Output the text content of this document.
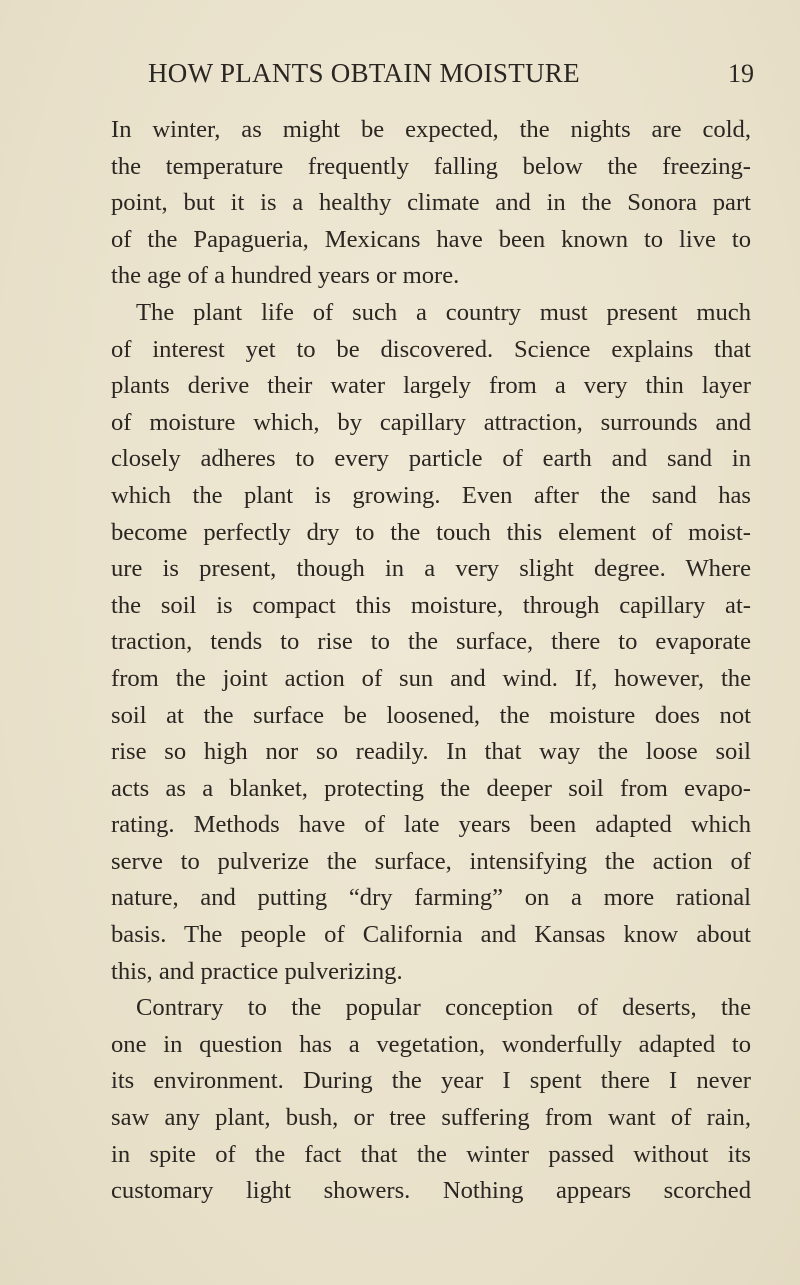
HOW PLANTS OBTAIN MOISTURE	19
In winter, as might be expected, the nights are cold,
the temperature frequently falling below the freezing-
point, but it is a healthy climate and in the Sonora part
of the Papagueria, Mexicans have been known to live to
the age of a hundred years or more.
The plant life of such a country must present much
of interest yet to be discovered. Science explains that
plants derive their water largely from a very thin layer
of moisture which, by capillary attraction, surrounds and
closely adheres to every particle of earth and sand in
which the plant is growing. Even after the sand has
become perfectly dry to the touch this element of moist-
ure is present, though in a very slight degree. Where
the soil is compact this moisture, through capillary at-
traction, tends to rise to the surface, there to evaporate
from the joint action of sun and wind. If, however, the
soil at the surface be loosened, the moisture does not
rise so high nor so readily. In that way the loose soil
acts as a blanket, protecting the deeper soil from evapo-
rating. Methods have of late years been adapted which
serve to pulverize the surface, intensifying the action of
nature, and putting “dry farming” on a more rational
basis. The people of California and Kansas know about
this, and practice pulverizing.
Contrary to the popular conception of deserts, the
one in question has a vegetation, wonderfully adapted to
its environment. During the year I spent there I never
saw any plant, bush, or tree suffering from want of rain,
in spite of the fact that the winter passed without its
customary light showers. Nothing appears scorched
